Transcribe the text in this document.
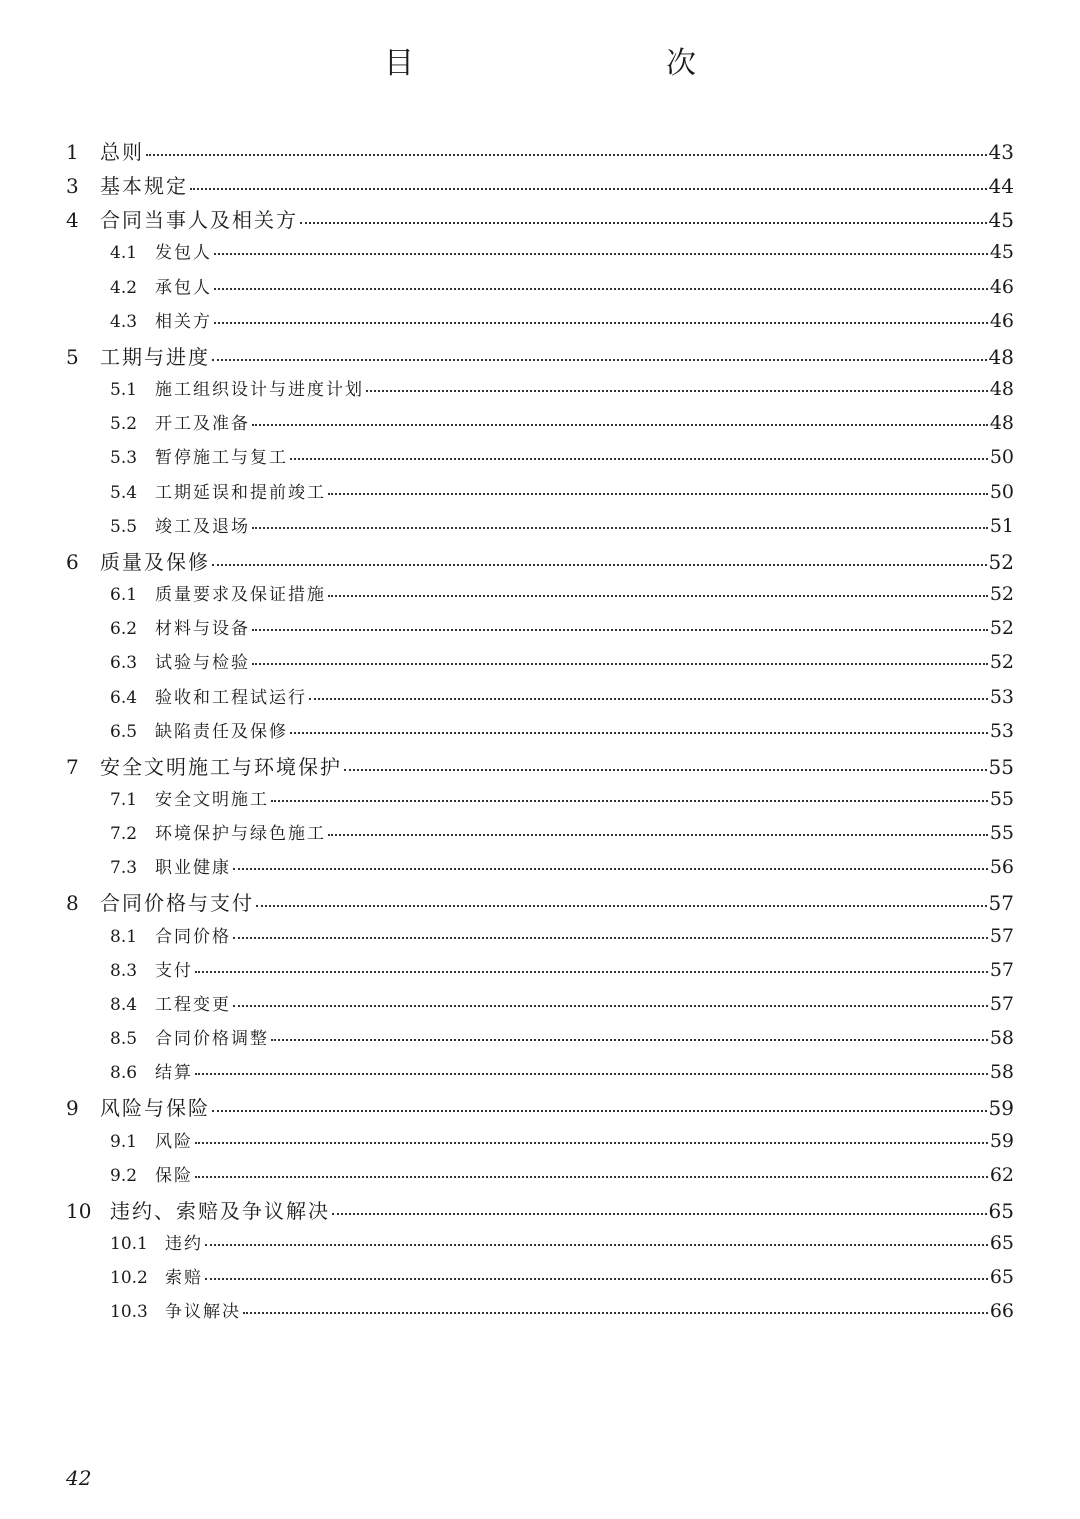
目　　次
1	总则	43
3	基本规定	44
4	合同当事人及相关方	45
4.1	发包人	45
4.2	承包人	46
4.3	相关方	46
5	工期与进度	48
5.1	施工组织设计与进度计划	48
5.2	开工及准备	48
5.3	暂停施工与复工	50
5.4	工期延误和提前竣工	50
5.5	竣工及退场	51
6	质量及保修	52
6.1	质量要求及保证措施	52
6.2	材料与设备	52
6.3	试验与检验	52
6.4	验收和工程试运行	53
6.5	缺陷责任及保修	53
7	安全文明施工与环境保护	55
7.1	安全文明施工	55
7.2	环境保护与绿色施工	55
7.3	职业健康	56
8	合同价格与支付	57
8.1	合同价格	57
8.3	支付	57
8.4	工程变更	57
8.5	合同价格调整	58
8.6	结算	58
9	风险与保险	59
9.1	风险	59
9.2	保险	62
10 违约、索赔及争议解决	65
10.1	违约	65
10.2	索赔	65
10.3	争议解决	66
42
